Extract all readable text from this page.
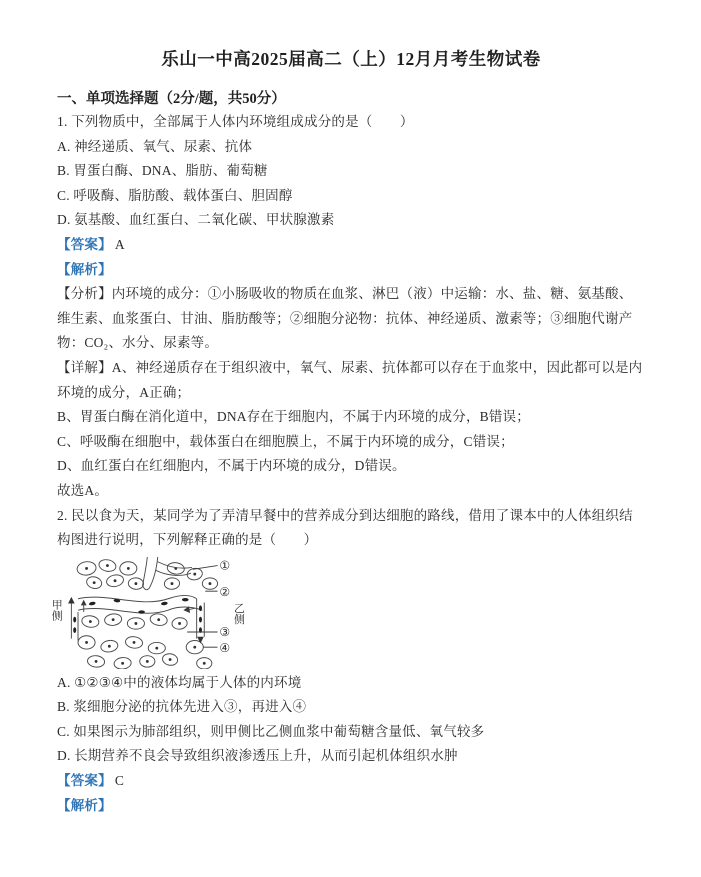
乐山一中高2025届高二（上）12月月考生物试卷
一、单项选择题（2分/题，共50分）

1. 下列物质中，全部属于人体内环境组成成分的是（　　）

A. 神经递质、氧气、尿素、抗体

B. 胃蛋白酶、DNA、脂肪、葡萄糖

C. 呼吸酶、脂肪酸、载体蛋白、胆固醇

D. 氨基酸、血红蛋白、二氧化碳、甲状腺激素

【答案】 A

【解析】

【分析】内环境的成分：①小肠吸收的物质在血浆、淋巴（液）中运输：水、盐、糖、氨基酸、维生素、血浆蛋白、甘油、脂肪酸等；②细胞分泌物：抗体、神经递质、激素等；③细胞代谢产物：CO₂、水分、尿素等。

【详解】A、神经递质存在于组织液中，氧气、尿素、抗体都可以存在于血浆中，因此都可以是内环境的成分，A正确；

B、胃蛋白酶在消化道中，DNA存在于细胞内，不属于内环境的成分，B错误；

C、呼吸酶在细胞中，载体蛋白在细胞膜上，不属于内环境的成分，C错误；

D、血红蛋白在红细胞内，不属于内环境的成分，D错误。

故选A。

2. 民以食为天，某同学为了弄清早餐中的营养成分到达细胞的路线，借用了课本中的人体组织结构图进行说明，下列解释正确的是（　　）

①
②
③
④
甲侧	乙侧

A. ①②③④中的液体均属于人体的内环境

B. 浆细胞分泌的抗体先进入③，再进入④

C. 如果图示为肺部组织，则甲侧比乙侧血浆中葡萄糖含量低、氧气较多

D. 长期营养不良会导致组织液渗透压上升，从而引起机体组织水肿

【答案】 C

【解析】
